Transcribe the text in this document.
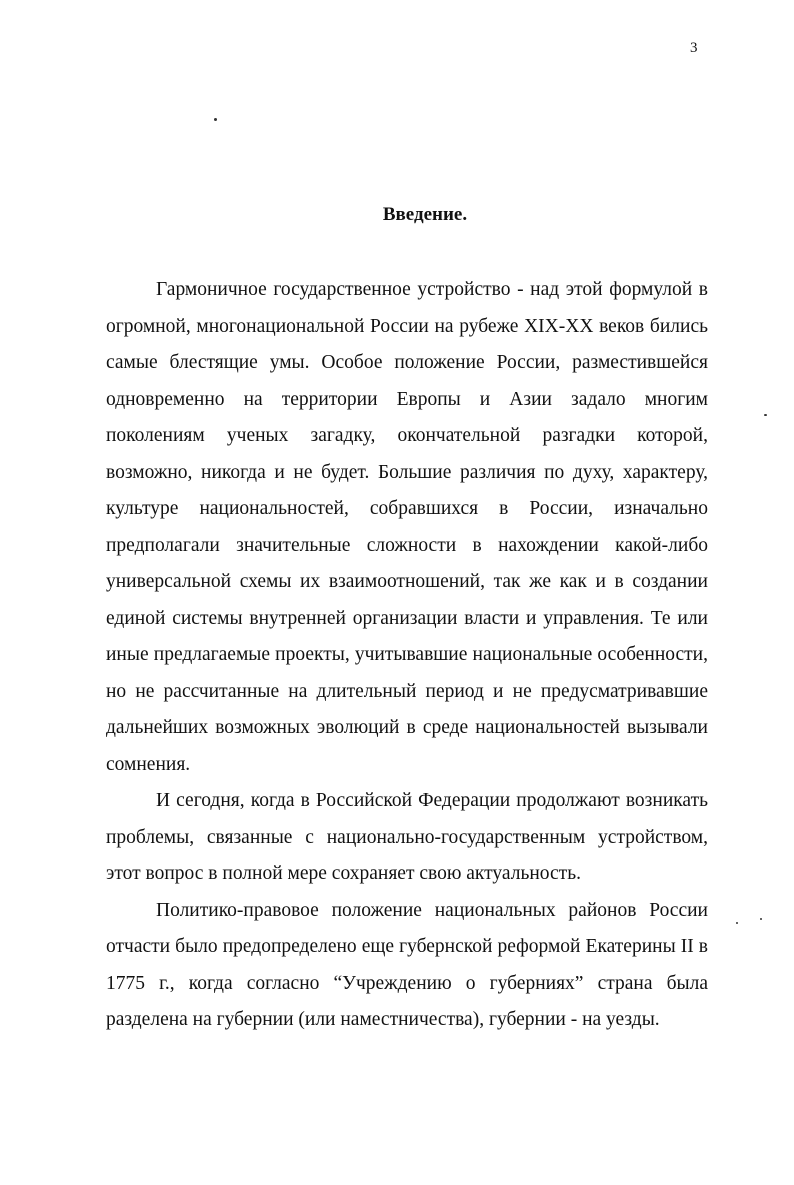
3
Введение.

Гармоничное государственное устройство - над этой формулой в огромной, многонациональной России на рубеже XIX-XX веков бились самые блестящие умы. Особое положение России, разместившейся одновременно на территории Европы и Азии задало многим поколениям ученых загадку, окончательной разгадки которой, возможно, никогда и не будет. Большие различия по духу, характеру, культуре национальностей, собравшихся в России, изначально предполагали значительные сложности в нахождении какой-либо универсальной схемы их взаимоотношений, так же как и в создании единой системы внутренней организации власти и управления. Те или иные предлагаемые проекты, учитывавшие национальные особенности, но не рассчитанные на длительный период и не предусматривавшие дальнейших возможных эволюций в среде национальностей вызывали сомнения.

И сегодня, когда в Российской Федерации продолжают возникать проблемы, связанные с национально-государственным устройством, этот вопрос в полной мере сохраняет свою актуальность.

Политико-правовое положение национальных районов России отчасти было предопределено еще губернской реформой Екатерины II в 1775 г., когда согласно “Учреждению о губерниях” страна была разделена на губернии (или наместничества), губернии - на уезды.
